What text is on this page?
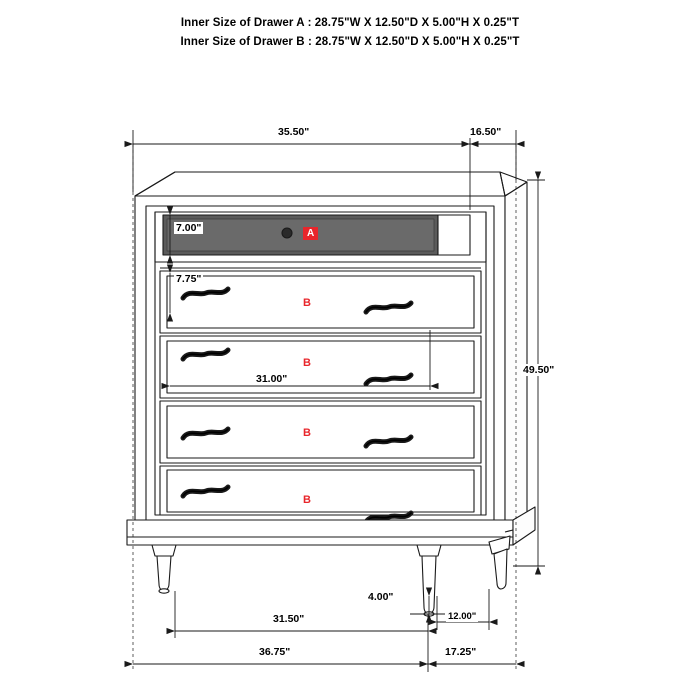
Inner Size of Drawer A : 28.75"W X 12.50"D X 5.00"H X 0.25"T
Inner Size of Drawer B : 28.75"W X 12.50"D X 5.00"H X 0.25"T
35.50"	16.50"
49.50"
7.00"
7.75"
31.00"
4.00"
12.00"
31.50"
36.75"	17.25"
A
B
B
B
B
